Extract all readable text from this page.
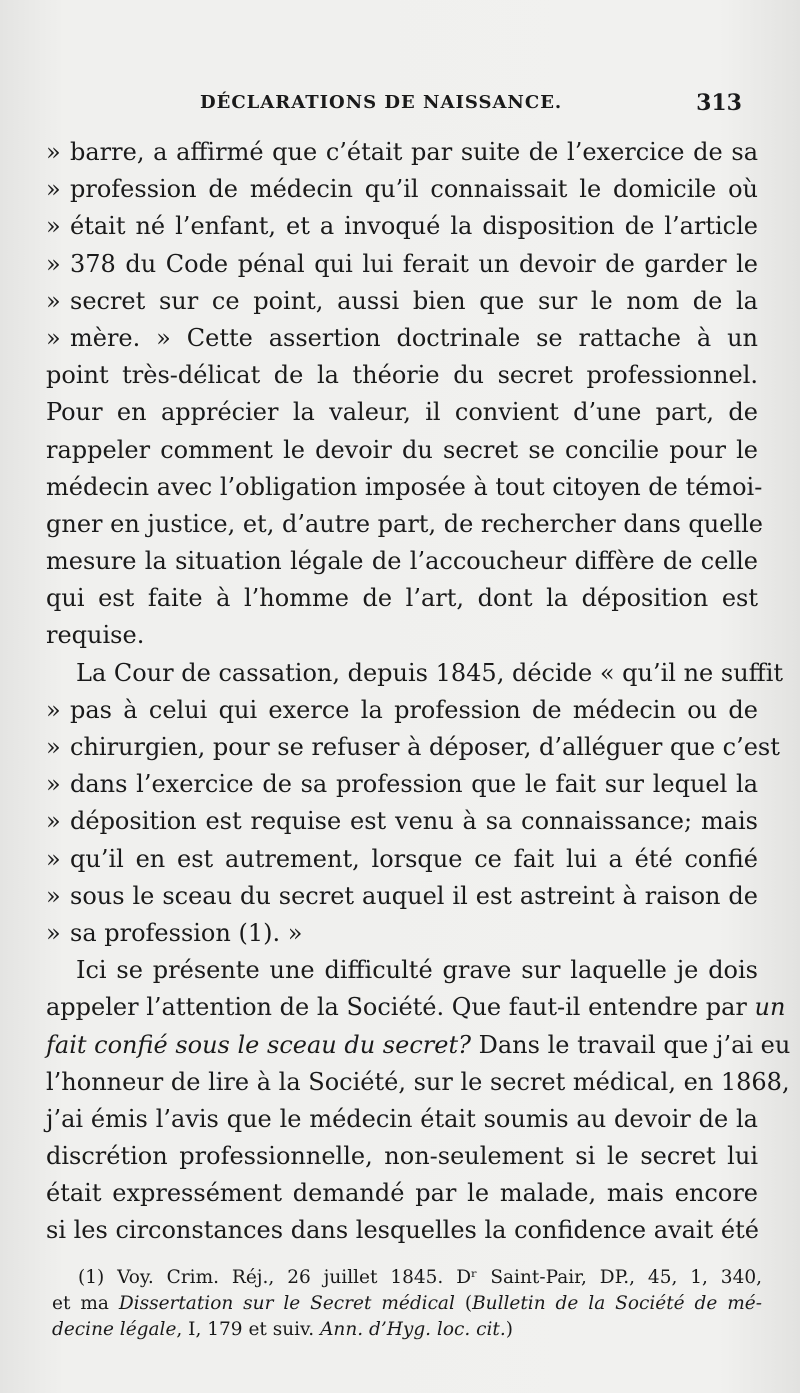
DÉCLARATIONS DE NAISSANCE.	313
» barre, a affirmé que c’était par suite de l’exercice de sa
» profession de médecin qu’il connaissait le domicile où
» était né l’enfant, et a invoqué la disposition de l’article
» 378 du Code pénal qui lui ferait un devoir de garder le
» secret sur ce point, aussi bien que sur le nom de la
» mère. » Cette assertion doctrinale se rattache à un
point très-délicat de la théorie du secret professionnel.
Pour en apprécier la valeur, il convient d’une part, de
rappeler comment le devoir du secret se concilie pour le
médecin avec l’obligation imposée à tout citoyen de témoi-
gner en justice, et, d’autre part, de rechercher dans quelle
mesure la situation légale de l’accoucheur diffère de celle
qui est faite à l’homme de l’art, dont la déposition est
requise.
La Cour de cassation, depuis 1845, décide « qu’il ne suffit
» pas à celui qui exerce la profession de médecin ou de
» chirurgien, pour se refuser à déposer, d’alléguer que c’est
» dans l’exercice de sa profession que le fait sur lequel la
» déposition est requise est venu à sa connaissance; mais
» qu’il en est autrement, lorsque ce fait lui a été confié
» sous le sceau du secret auquel il est astreint à raison de
» sa profession (1). »
Ici se présente une difficulté grave sur laquelle je dois
appeler l’attention de la Société. Que faut-il entendre par un
fait confié sous le sceau du secret? Dans le travail que j’ai eu
l’honneur de lire à la Société, sur le secret médical, en 1868,
j’ai émis l’avis que le médecin était soumis au devoir de la
discrétion professionnelle, non-seulement si le secret lui
était expressément demandé par le malade, mais encore
si les circonstances dans lesquelles la confidence avait été
(1) Voy. Crim. Réj., 26 juillet 1845. Dʳ Saint-Pair, DP., 45, 1, 340,
et ma Dissertation sur le Secret médical (Bulletin de la Société de mé-
decine légale, I, 179 et suiv. Ann. d’Hyg. loc. cit.)
